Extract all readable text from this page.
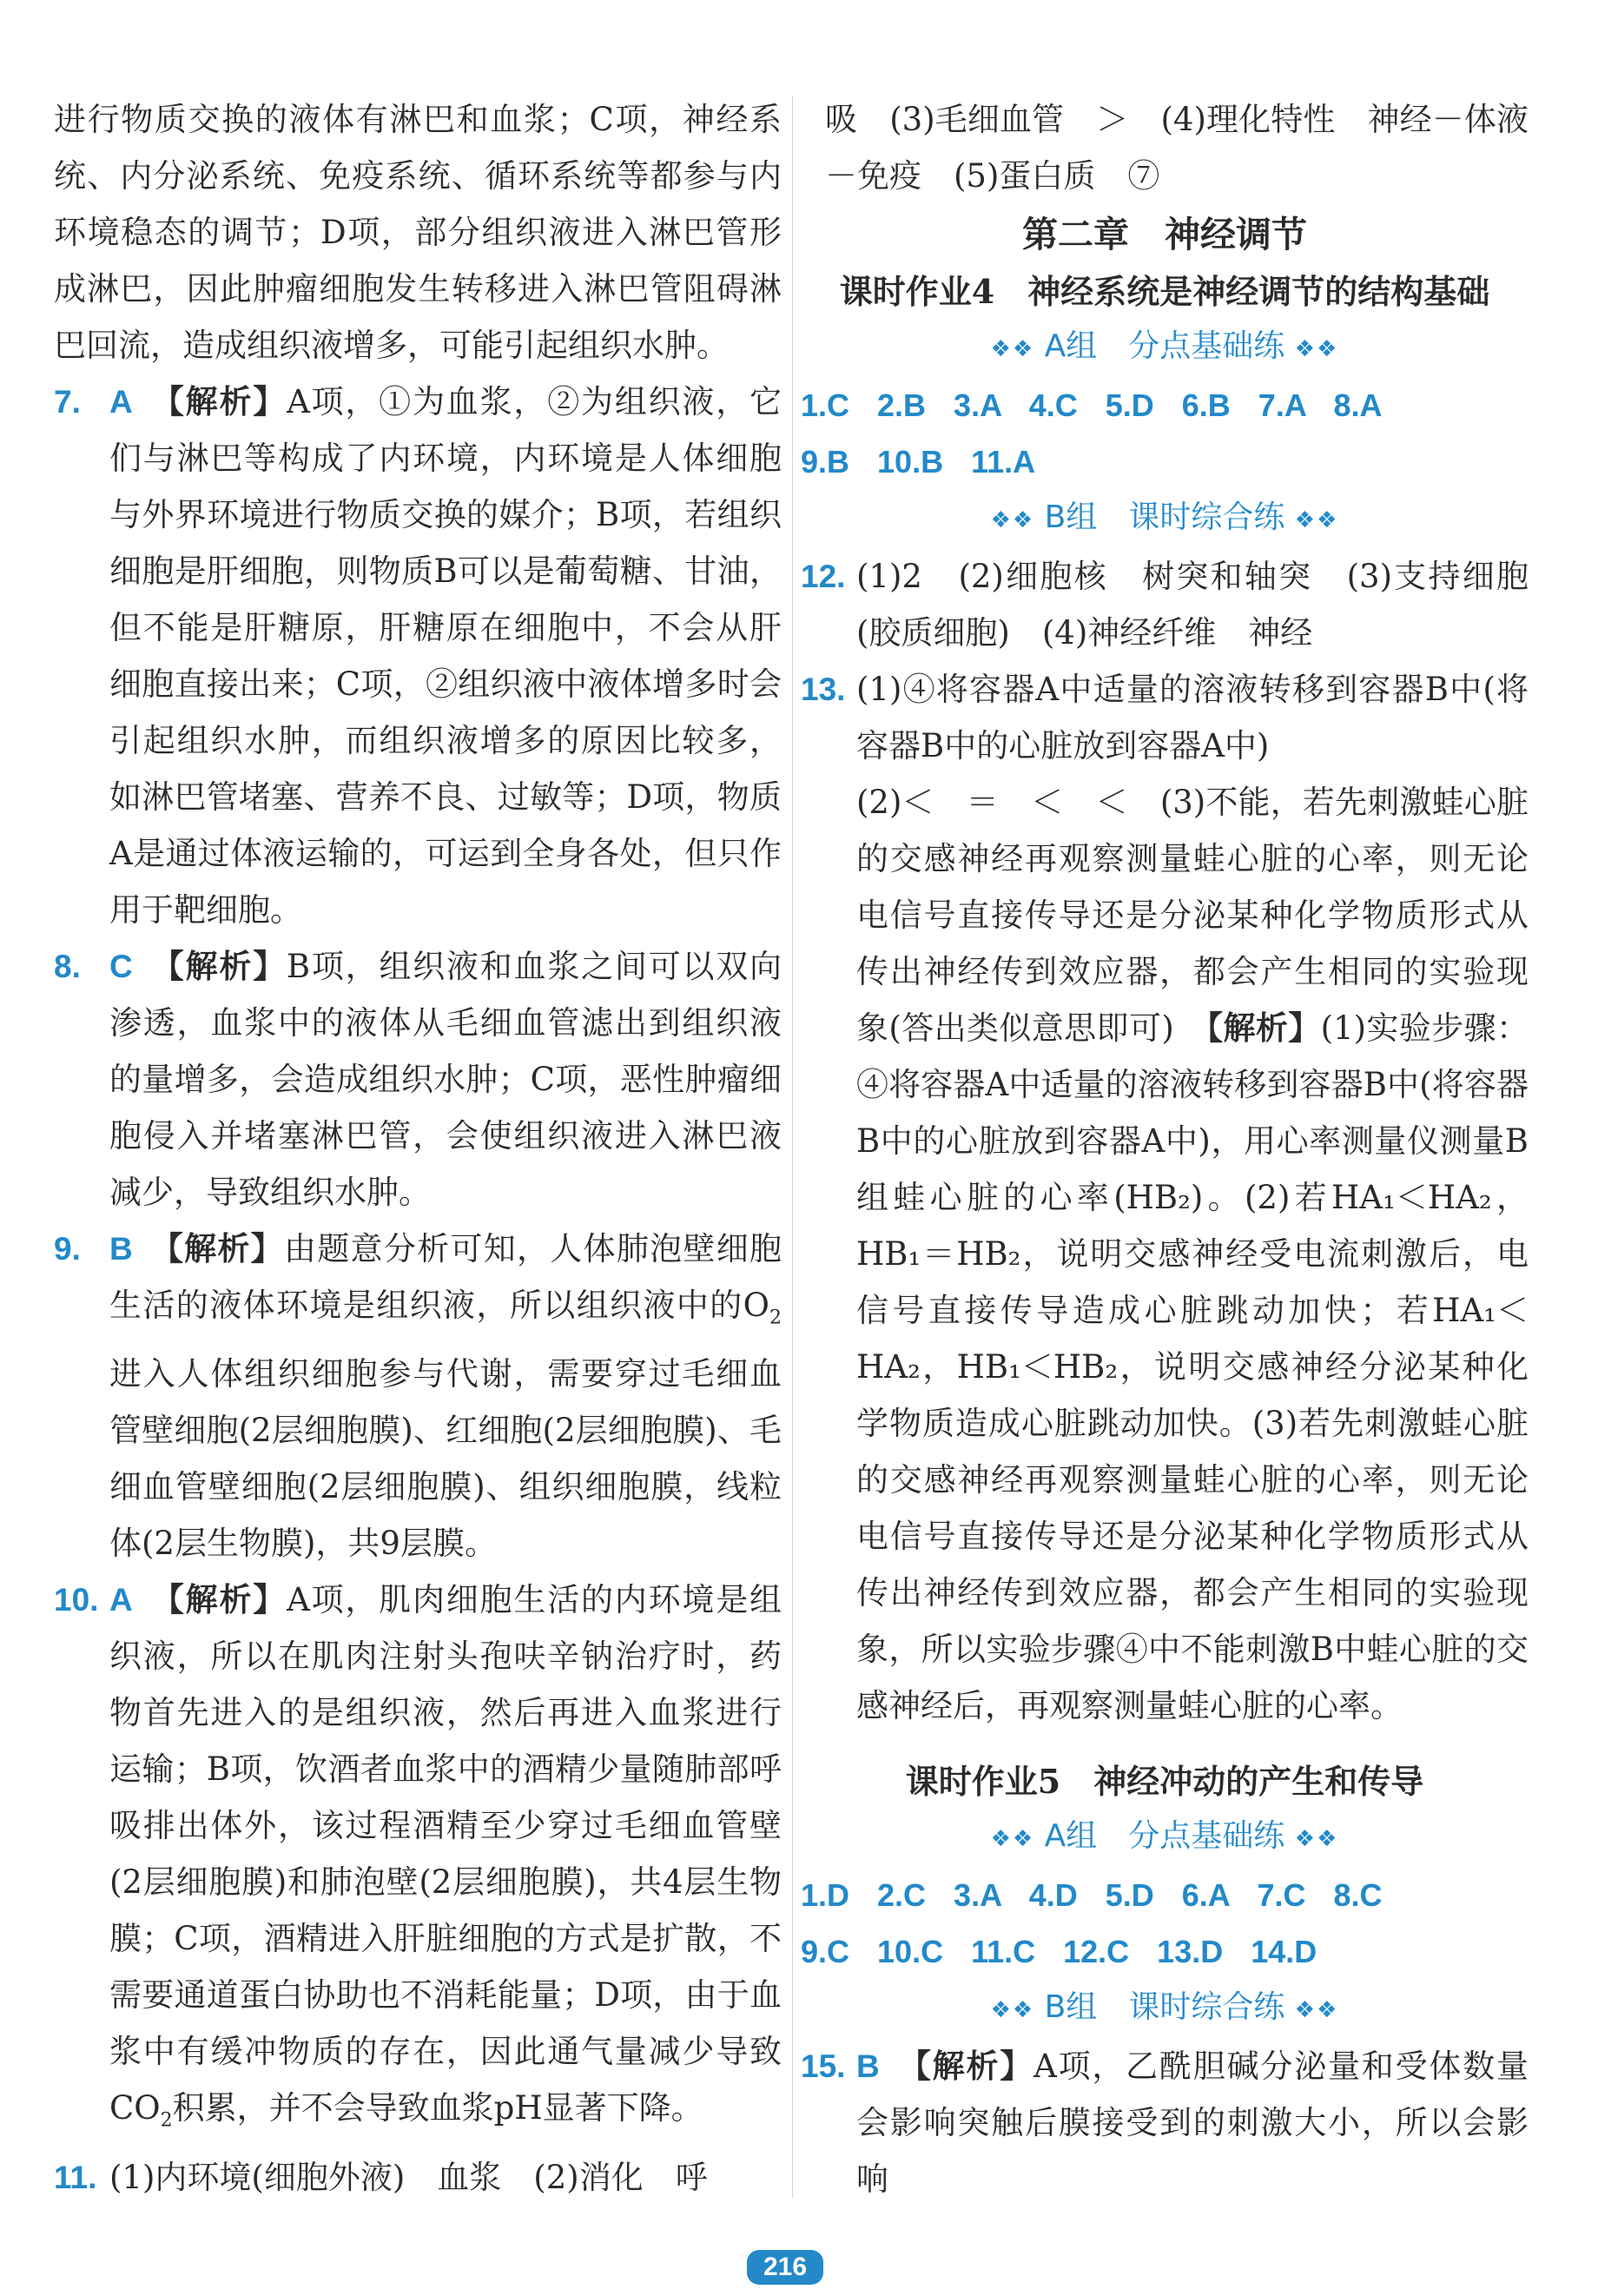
进行物质交换的液体有淋巴和血浆；C项，神经系统、内分泌系统、免疫系统、循环系统等都参与内环境稳态的调节；D项，部分组织液进入淋巴管形成淋巴，因此肿瘤细胞发生转移进入淋巴管阻碍淋巴回流，造成组织液增多，可能引起组织水肿。

7. A　 【解析】A项，①为血浆，②为组织液，它们与淋巴等构成了内环境，内环境是人体细胞与外界环境进行物质交换的媒介；B项，若组织细胞是肝细胞，则物质B可以是葡萄糖、甘油，但不能是肝糖原，肝糖原在细胞中，不会从肝细胞直接出来；C项，②组织液中液体增多时会引起组织水肿，而组织液增多的原因比较多，如淋巴管堵塞、营养不良、过敏等；D项，物质A是通过体液运输的，可运到全身各处，但只作用于靶细胞。
8. C　 【解析】B项，组织液和血浆之间可以双向渗透，血浆中的液体从毛细血管滤出到组织液的量增多，会造成组织水肿；C项，恶性肿瘤细胞侵入并堵塞淋巴管，会使组织液进入淋巴液减少，导致组织水肿。
9. B　 【解析】由题意分析可知，人体肺泡壁细胞生活的液体环境是组织液，所以组织液中的$O_2$进入人体组织细胞参与代谢，需要穿过毛细血管壁细胞(2层细胞膜)、红细胞(2层细胞膜)、毛细血管壁细胞(2层细胞膜)、组织细胞膜，线粒体(2层生物膜)，共9层膜。
10. A　 【解析】A项，肌肉细胞生活的内环境是组织液，所以在肌肉注射头孢呋辛钠治疗时，药物首先进入的是组织液，然后再进入血浆进行运输；B项，饮酒者血浆中的酒精少量随肺部呼吸排出体外，该过程酒精至少穿过毛细血管壁(2层细胞膜)和肺泡壁(2层细胞膜)，共4层生物膜；C项，酒精进入肝脏细胞的方式是扩散，不需要通道蛋白协助也不消耗能量；D项，由于血浆中有缓冲物质的存在，因此通气量减少导致$CO_2$积累，并不会导致血浆pH显著下降。
11. (1)内环境(细胞外液)　血浆　(2)消化　呼

吸　(3)毛细血管　＞　(4)理化特性　神经－体液－免疫　(5)蛋白质　⑦

第二章　神经调节

课时作业4　神经系统是神经调节的结构基础

❖❖ A组　分点基础练 ❖❖

1.C 2.B 3.A 4.C 5.D 6.B 7.A 8.A

9.B 10.B 11.A

❖❖ B组　课时综合练 ❖❖

12. (1)2　(2)细胞核　树突和轴突　(3)支持细胞(胶质细胞)　(4)神经纤维　神经
13. (1)④将容器A中适量的溶液转移到容器B中(将容器B中的心脏放到容器A中)
(2)＜　＝　＜　＜　(3)不能，若先刺激蛙心脏的交感神经再观察测量蛙心脏的心率，则无论电信号直接传导还是分泌某种化学物质形式从传出神经传到效应器，都会产生相同的实验现象(答出类似意思即可)　 【解析】(1)实验步骤：④将容器A中适量的溶液转移到容器B中(将容器B中的心脏放到容器A中)，用心率测量仪测量B组蛙心脏的心率(HB₂)。(2)若HA₁＜HA₂，HB₁＝HB₂，说明交感神经受电流刺激后，电信号直接传导造成心脏跳动加快；若HA₁＜HA₂，HB₁＜HB₂，说明交感神经分泌某种化学物质造成心脏跳动加快。(3)若先刺激蛙心脏的交感神经再观察测量蛙心脏的心率，则无论电信号直接传导还是分泌某种化学物质形式从传出神经传到效应器，都会产生相同的实验现象，所以实验步骤④中不能刺激B中蛙心脏的交感神经后，再观察测量蛙心脏的心率。

课时作业5　神经冲动的产生和传导

❖❖ A组　分点基础练 ❖❖

1.D 2.C 3.A 4.D 5.D 6.A 7.C 8.C

9.C 10.C 11.C 12.C 13.D 14.D

❖❖ B组　课时综合练 ❖❖

15. B　 【解析】A项，乙酰胆碱分泌量和受体数量会影响突触后膜接受到的刺激大小，所以会影响
216
